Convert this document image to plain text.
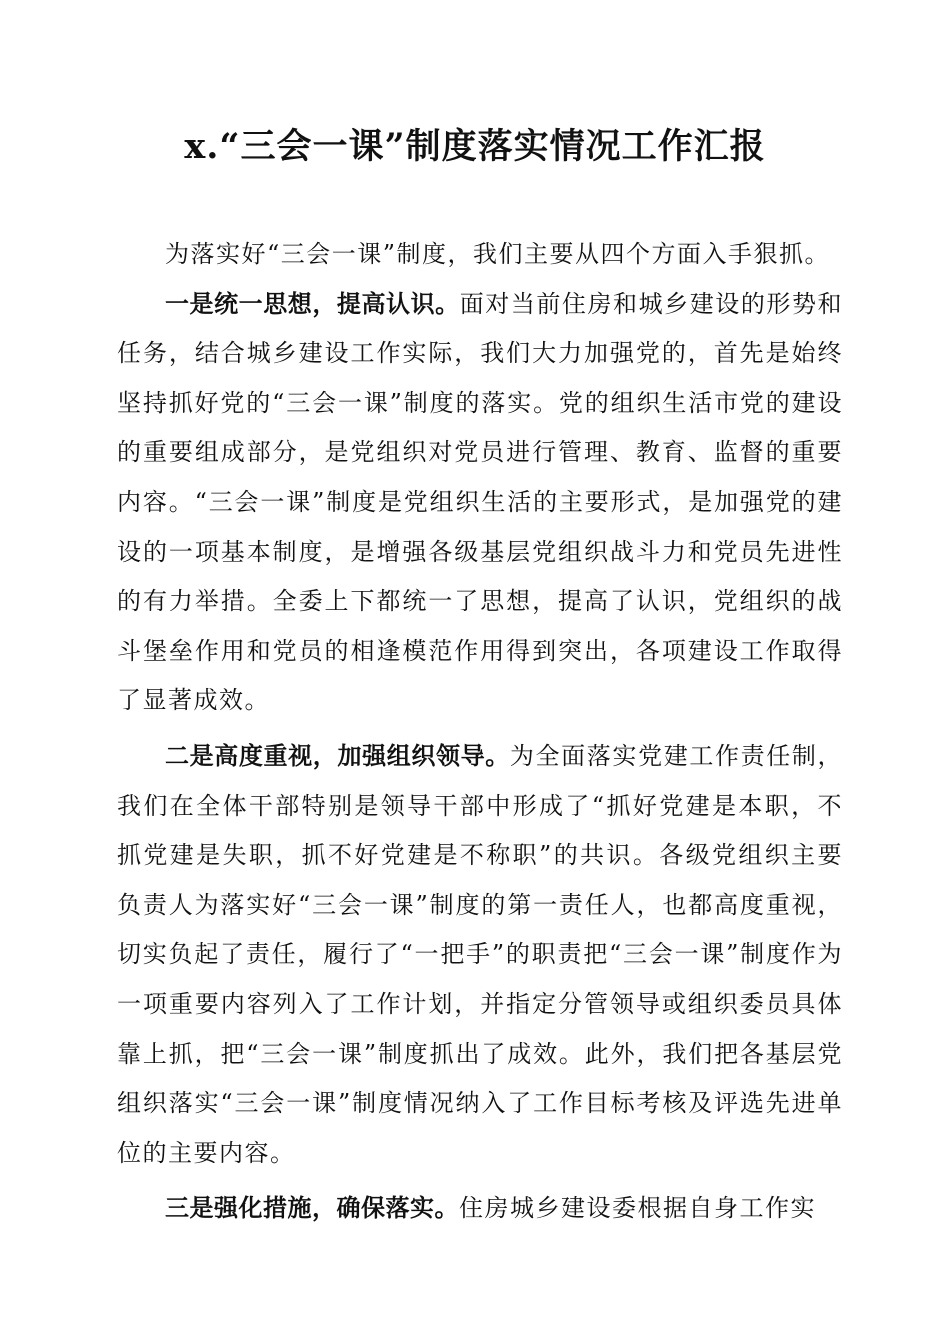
x.“三会一课”制度落实情况工作汇报

为落实好“三会一课”制度，我们主要从四个方面入手狠抓。

一是统一思想，提高认识。面对当前住房和城乡建设的形势和任务，结合城乡建设工作实际，我们大力加强党的，首先是始终坚持抓好党的“三会一课”制度的落实。党的组织生活市党的建设的重要组成部分，是党组织对党员进行管理、教育、监督的重要内容。“三会一课”制度是党组织生活的主要形式，是加强党的建设的一项基本制度，是增强各级基层党组织战斗力和党员先进性的有力举措。全委上下都统一了思想，提高了认识，党组织的战斗堡垒作用和党员的相逢模范作用得到突出，各项建设工作取得了显著成效。

二是高度重视，加强组织领导。为全面落实党建工作责任制，我们在全体干部特别是领导干部中形成了“抓好党建是本职，不抓党建是失职，抓不好党建是不称职”的共识。各级党组织主要负责人为落实好“三会一课”制度的第一责任人，也都高度重视，切实负起了责任，履行了“一把手”的职责把“三会一课”制度作为一项重要内容列入了工作计划，并指定分管领导或组织委员具体靠上抓，把“三会一课”制度抓出了成效。此外，我们把各基层党组织落实“三会一课”制度情况纳入了工作目标考核及评选先进单位的主要内容。

三是强化措施，确保落实。住房城乡建设委根据自身工作实
